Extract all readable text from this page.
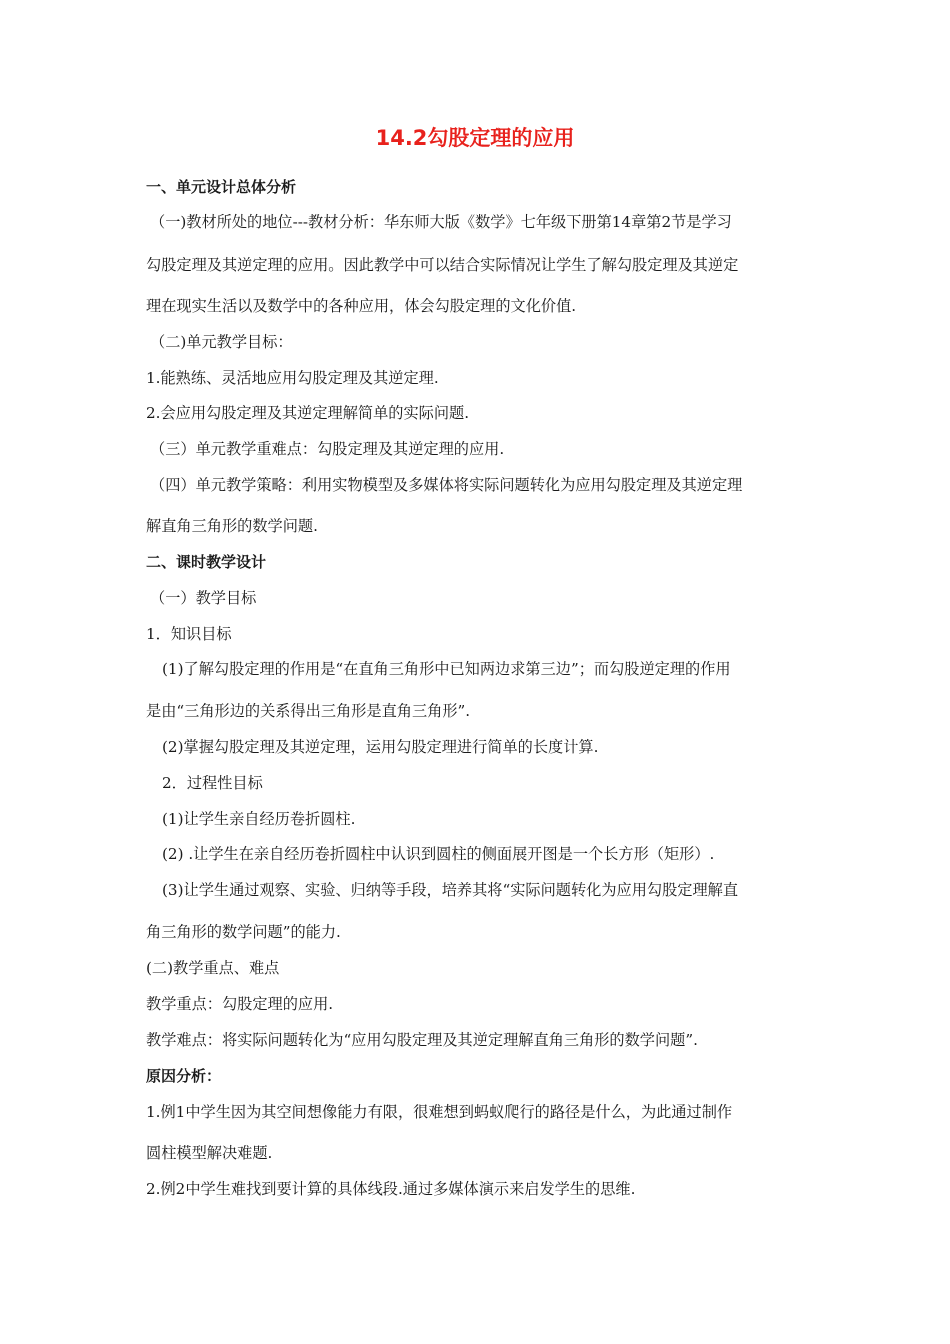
14.2勾股定理的应用
一、单元设计总体分析
（一)教材所处的地位---教材分析：华东师大版《数学》七年级下册第14章第2节是学习
勾股定理及其逆定理的应用。因此教学中可以结合实际情况让学生了解勾股定理及其逆定
理在现实生活以及数学中的各种应用，体会勾股定理的文化价值.
（二)单元教学目标：
1.能熟练、灵活地应用勾股定理及其逆定理.
2.会应用勾股定理及其逆定理解简单的实际问题.
（三）单元教学重难点：勾股定理及其逆定理的应用.
（四）单元教学策略：利用实物模型及多媒体将实际问题转化为应用勾股定理及其逆定理
解直角三角形的数学问题.
二、课时教学设计
（一）教学目标
1．知识目标
(1)了解勾股定理的作用是“在直角三角形中已知两边求第三边”；而勾股逆定理的作用
是由“三角形边的关系得出三角形是直角三角形”.
(2)掌握勾股定理及其逆定理，运用勾股定理进行简单的长度计算.
2．过程性目标
(1)让学生亲自经历卷折圆柱.
(2) .让学生在亲自经历卷折圆柱中认识到圆柱的侧面展开图是一个长方形（矩形）.
(3)让学生通过观察、实验、归纳等手段，培养其将“实际问题转化为应用勾股定理解直
角三角形的数学问题”的能力.
(二)教学重点、难点
教学重点：勾股定理的应用.
教学难点：将实际问题转化为“应用勾股定理及其逆定理解直角三角形的数学问题”.
原因分析：
1.例1中学生因为其空间想像能力有限，很难想到蚂蚁爬行的路径是什么，为此通过制作
圆柱模型解决难题.
2.例2中学生难找到要计算的具体线段.通过多媒体演示来启发学生的思维.
